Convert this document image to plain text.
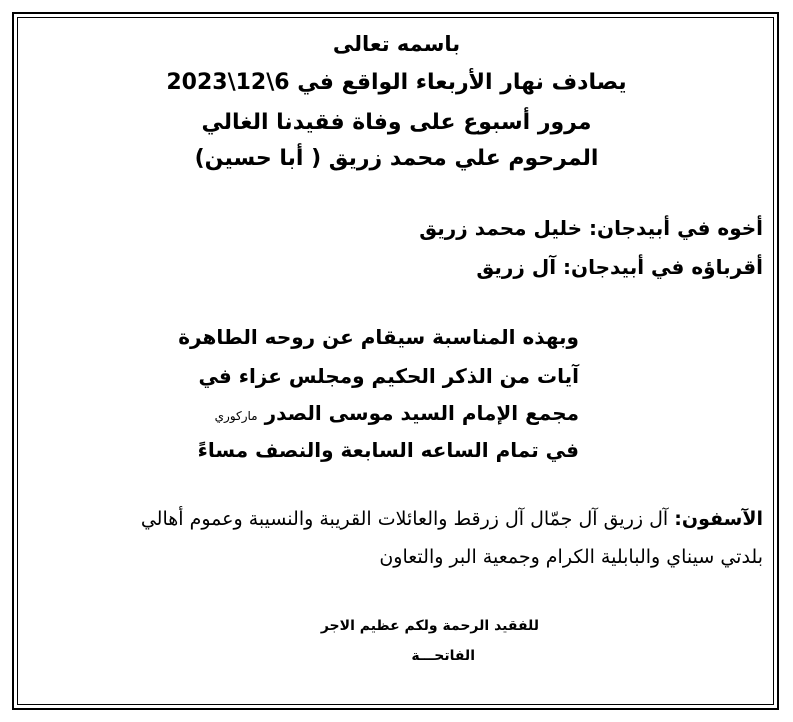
باسمه تعالى
يصادف نهار الأربعاء الواقع في 6\12\2023
مرور أسبوع على وفاة فقيدنا الغالي
المرحوم علي محمد زريق ( أبا حسين)
أخوه في أبيدجان: خليل محمد زريق
أقرباؤه في أبيدجان: آل زريق
وبهذه المناسبة سيقام عن روحه الطاهرة
آيات من الذكر الحكيم ومجلس عزاء في
مجمع الإمام السيد موسى الصدر ماركوري
في تمام الساعه السابعة والنصف مساءً
الآسفون: آل زريق آل جمّال آل زرقط والعائلات القريبة والنسيبة وعموم أهالي
بلدتي سيناي والبابلية الكرام وجمعية البر والتعاون
للفقيد الرحمة ولكم عظيم الاجر
الفاتحـــة
